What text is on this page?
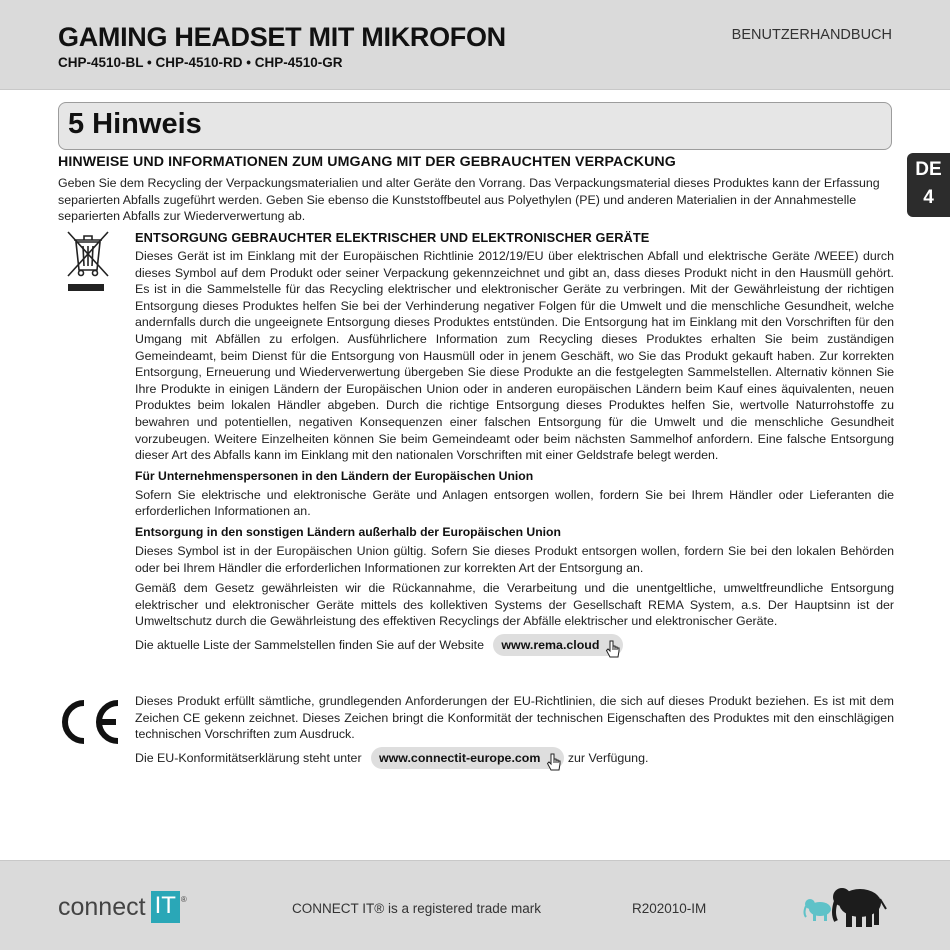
GAMING HEADSET MIT MIKROFON
CHP-4510-BL • CHP-4510-RD • CHP-4510-GR
BENUTZERHANDBUCH
5 Hinweis
DE
4
HINWEISE UND INFORMATIONEN ZUM UMGANG MIT DER GEBRAUCHTEN VERPACKUNG
Geben Sie dem Recycling der Verpackungsmaterialien und alter Geräte den Vorrang. Das Verpackungsmaterial dieses Produktes kann der Erfassung separierten Abfalls zugeführt werden. Geben Sie ebenso die Kunststoffbeutel aus Polyethylen (PE) und anderen Materialien in der Annahmestelle separierten Abfalls zur Wiederverwertung ab.
ENTSORGUNG GEBRAUCHTER ELEKTRISCHER UND ELEKTRONISCHER GERÄTE
Dieses Gerät ist im Einklang mit der Europäischen Richtlinie 2012/19/EU über elektrischen Abfall und elektrische Geräte /WEEE) durch dieses Symbol auf dem Produkt oder seiner Verpackung gekennzeichnet und gibt an, dass dieses Produkt nicht in den Hausmüll gehört. Es ist in die Sammelstelle für das Recycling elektrischer und elektronischer Geräte zu verbringen. Mit der Gewährleistung der richtigen Entsorgung dieses Produktes helfen Sie bei der Verhinderung negativer Folgen für die Umwelt und die menschliche Gesundheit, welche andernfalls durch die ungeeignete Entsorgung dieses Produktes entstünden. Die Entsorgung hat im Einklang mit den Vorschriften für den Umgang mit Abfällen zu erfolgen. Ausführlichere Information zum Recycling dieses Produktes erhalten Sie beim zuständigen Gemeindeamt, beim Dienst für die Entsorgung von Hausmüll oder in jenem Geschäft, wo Sie das Produkt gekauft haben. Zur korrekten Entsorgung, Erneuerung und Wiederverwertung übergeben Sie diese Produkte an die festgelegten Sammelstellen. Alternativ können Sie Ihre Produkte in einigen Ländern der Europäischen Union oder in anderen europäischen Ländern beim Kauf eines äquivalenten, neuen Produktes beim lokalen Händler abgeben. Durch die richtige Entsorgung dieses Produktes helfen Sie, wertvolle Naturrohstoffe zu bewahren und potentiellen, negativen Konsequenzen einer falschen Entsorgung für die Umwelt und die menschliche Gesundheit vorzubeugen. Weitere Einzelheiten können Sie beim Gemeindeamt oder beim nächsten Sammelhof anfordern. Eine falsche Entsorgung dieser Art des Abfalls kann im Einklang mit den nationalen Vorschriften mit einer Geldstrafe belegt werden.
Für Unternehmenspersonen in den Ländern der Europäischen Union
Sofern Sie elektrische und elektronische Geräte und Anlagen entsorgen wollen, fordern Sie bei Ihrem Händler oder Lieferanten die erforderlichen Informationen an.
Entsorgung in den sonstigen Ländern außerhalb der Europäischen Union
Dieses Symbol ist in der Europäischen Union gültig. Sofern Sie dieses Produkt entsorgen wollen, fordern Sie bei den lokalen Behörden oder bei Ihrem Händler die erforderlichen Informationen zur korrekten Art der Entsorgung an.
Gemäß dem Gesetz gewährleisten wir die Rückannahme, die Verarbeitung und die unentgeltliche, umweltfreundliche Entsorgung elektrischer und elektronischer Geräte mittels des kollektiven Systems der Gesellschaft REMA System, a.s. Der Hauptsinn ist der Umweltschutz durch die Gewährleistung des effektiven Recyclings der Abfälle elektrischer und elektronischer Geräte.
Die aktuelle Liste der Sammelstellen finden Sie auf der Website www.rema.cloud
Dieses Produkt erfüllt sämtliche, grundlegenden Anforderungen der EU-Richtlinien, die sich auf dieses Produkt beziehen. Es ist mit dem Zeichen CE gekenn zeichnet. Dieses Zeichen bringt die Konformität der technischen Eigenschaften des Produktes mit den einschlägigen technischen Vorschriften zum Ausdruck.
Die EU-Konformitätserklärung steht unter www.connectit-europe.com zur Verfügung.
connect IT ®
CONNECT IT® is a registered trade mark	R202010-IM
